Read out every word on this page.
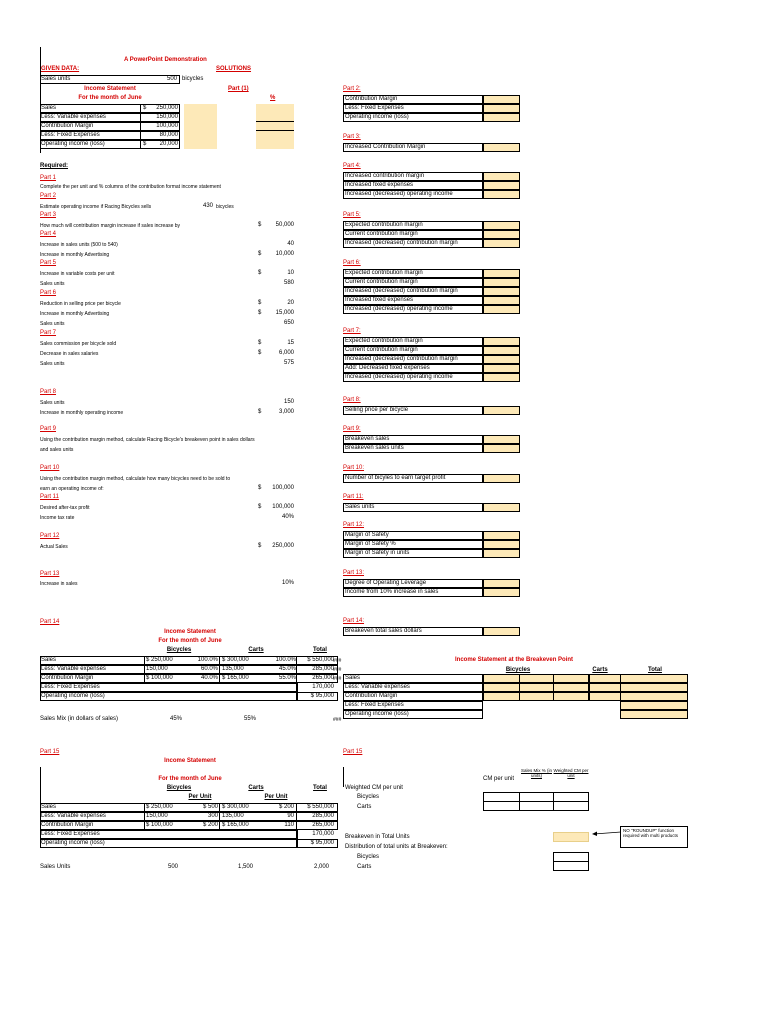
A PowerPoint Demonstration
GIVEN DATA:	SOLUTIONS
Sales units	500 bicycles
Income Statement
For the month of June
Part (1)
%
Sales	$	250,000
Less: Variable expenses	150,000
Contribution Margin	100,000
Less: Fixed Expenses	80,000
Operating income (loss)	$	20,000
Required:
Part 1
Complete the per unit and % columns of the contribution format income statement
Part 2
Estimate operating income if Racing Bicycles sells	430 bicycles
Part 3
How much will contribution margin increase if sales increase by	$	50,000
Part 4
Increase in sales units (500 to 540)	40
Increase in monthly Advertising	$	10,000
Part 5
Increase in variable costs per unit	$	10
Sales units	580
Part 6
Reduction in selling price per bicycle	$	20
Increase in monthly Advertising	$	15,000
Sales units	650
Part 7
Sales commission per bicycle sold	$	15
Decrease in sales salaries	$	6,000
Sales units	575
Part 8
Sales units	150
Increase in monthly operating income	$	3,000
Part 9
Using the contribution margin method, calculate Racing Bicycle's breakeven point in sales dollars
and sales units
Part 10
Using the contribution margin method, calculate how many bicycles need to be sold to
earn an operating income of:	$	100,000
Part 11
Desired after-tax profit	$	100,000
Income tax rate	40%
Part 12
Actual Sales	$	250,000
Part 13
Increase in sales	10%
Part 2:
Contribution Margin
Less: Fixed Expenses
Operating income (loss)
Part 3:
Increased Contribution Margin
Part 4:
Increased contribution margin
Increased fixed expenses
Increased (decreased) operating income
Part 5:
Expected contribution margin
Current contribution margin
Increased (decreased) contribution margin
Part 6:
Expected contribution margin
Current contribution margin
Increased (decreased) contribution margin
Increased fixed expenses
Increased (decreased) operating income
Part 7:
Expected contribution margin
Current contribution margin
Increased (decreased) contribution margin
Add: Decreased fixed expenses
Increased (decreased) operating income
Part 8:
Selling price per bicycle
Part 9:
Breakeven sales
Breakeven sales units
Part 10:
Number of bicyles to earn target profit
Part 11:
Sales units
Part 12:
Margin of Safety
Margin of Safety %
Margin of Safety in units
Part 13:
Degree of Operating Leverage
Income from 10% increase in sales
Part 14:
Breakeven total sales dollars
Part 14
Income Statement
For the month of June
Bicycles	Carts	Total
Sales	$ 250,000	100.0% $ 300,000	100.0%	$ 550,000 ###
Less: Variable expenses	150,000	60.0% 135,000	45.0%	285,000 ###
Contribution Margin	$ 100,000	40.0% $ 165,000	55.0%	265,000 ###
Less: Fixed Expenses	170,000
Operating income (loss)	$ 95,000
Sales Mix (in dollars of sales)	45%	55%	###
Income Statement at the Breakeven Point
Bicycles	Carts	Total
Sales
Less: Variable expenses
Contribution Margin
Less: Fixed Expenses
Operating income (loss)
Part 15	Part 15
Income Statement
For the month of June
Bicycles	Carts	Total
Per Unit	Per Unit
Sales	$ 250,000	$ 500 $ 300,000	$ 200	$ 550,000
Less: Variable expenses	150,000	300 135,000	90	285,000
Contribution Margin	$ 100,000	$ 200 $ 165,000	110	265,000
Less: Fixed Expenses	170,000
Operating income (loss)	$ 95,000
Sales Units	500	1,500	2,000
CM per unit
Sales Mix % (in units)
Weighted CM per unit
Weighted CM per unit
Bicycles
Carts
Breakeven in Total Units
Distribution of total units at Breakeven:
Bicycles
Carts
NO "ROUNDUP" function required with multi products
